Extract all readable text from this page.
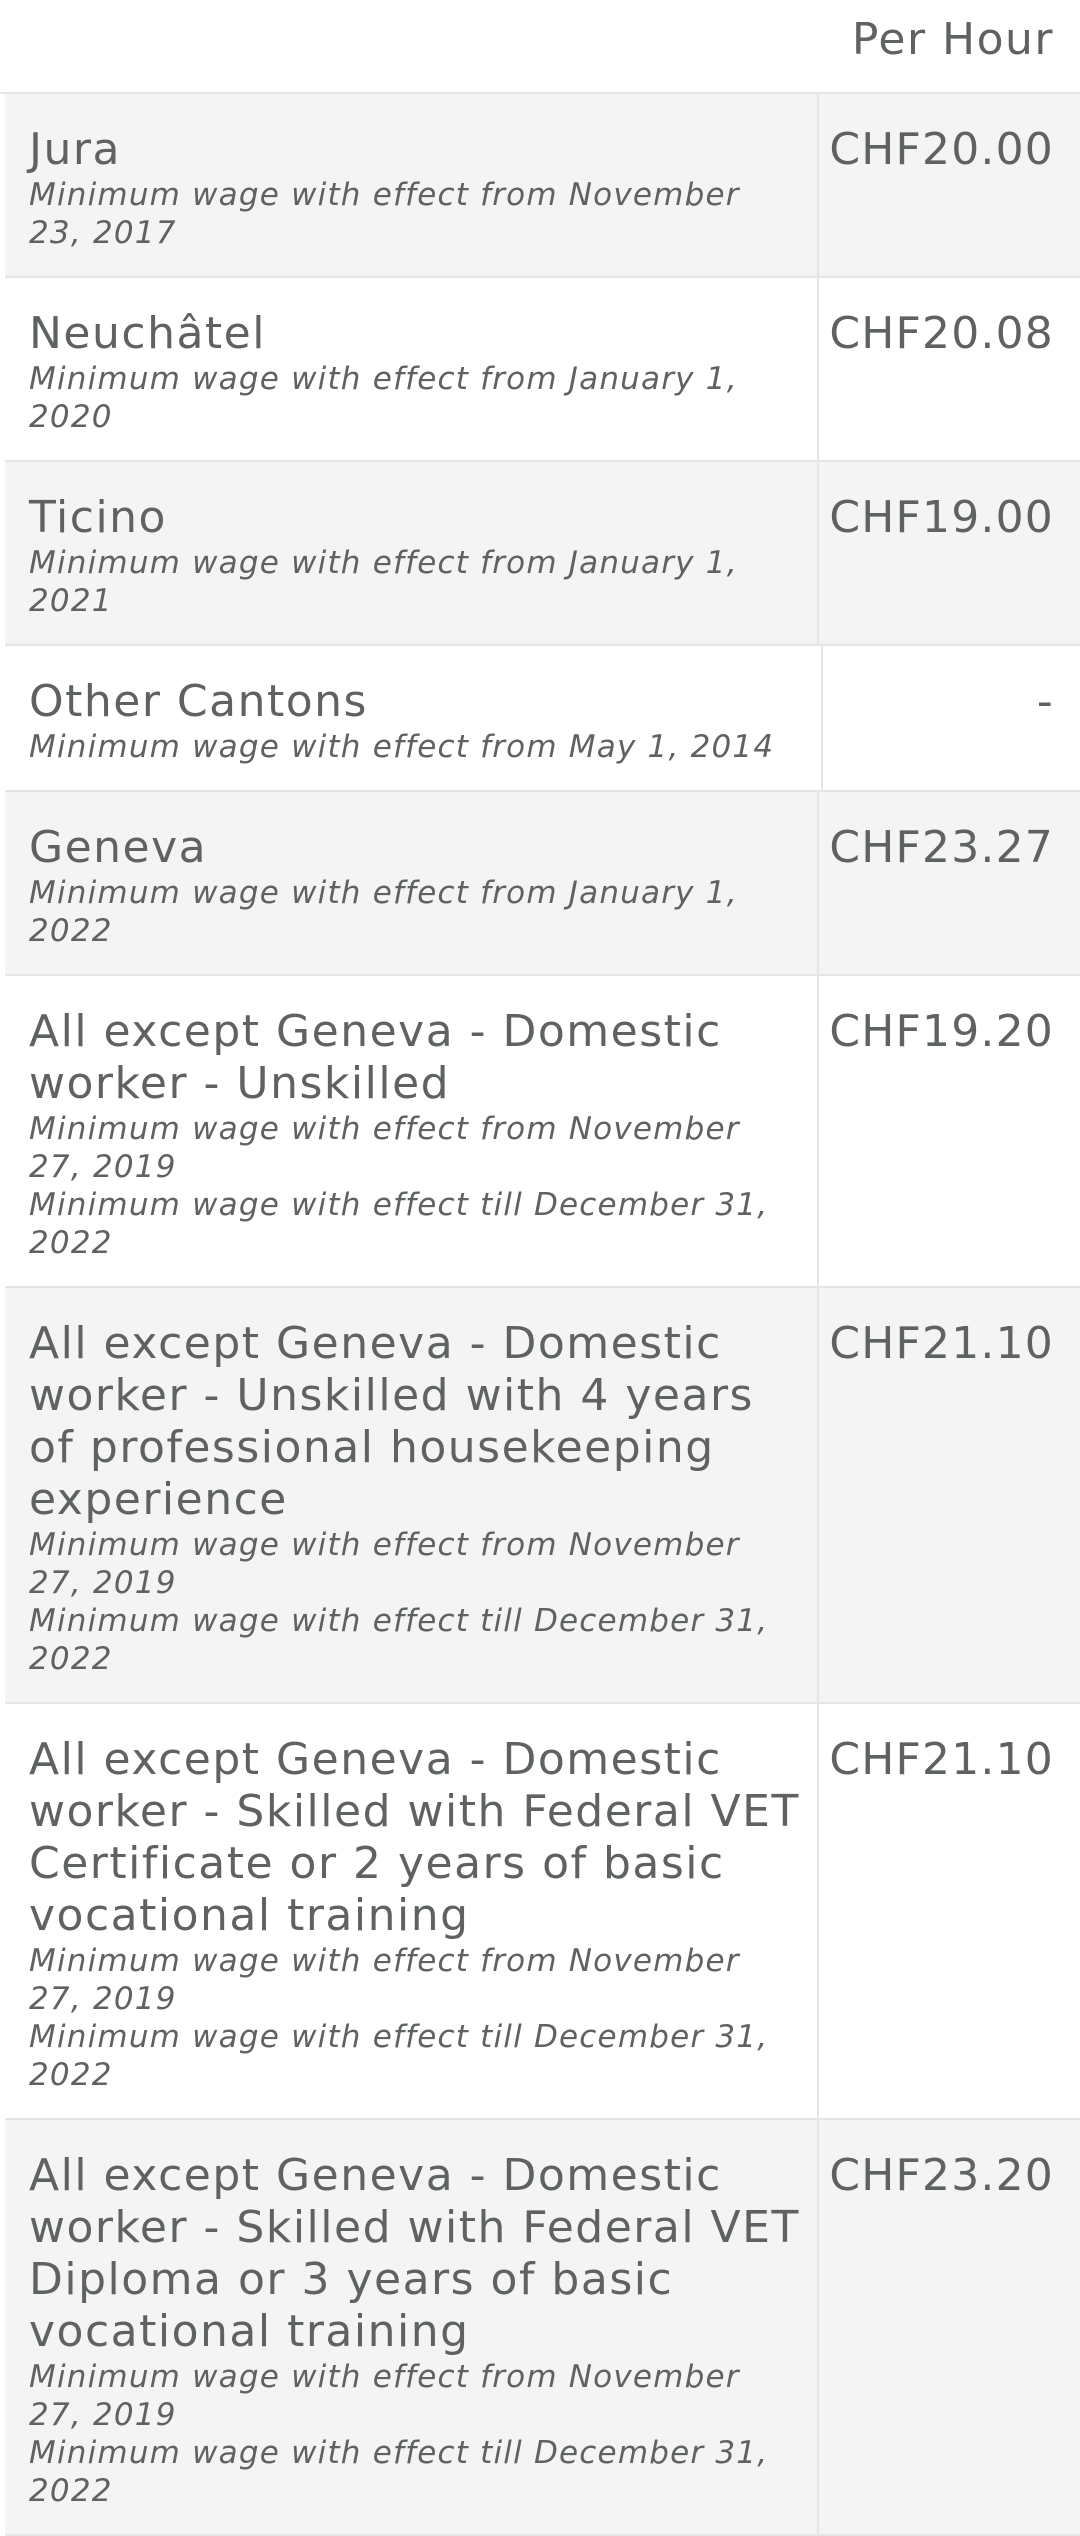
Per Hour
Jura
Minimum wage with effect from November 23, 2017
CHF20.00
Neuchâtel
Minimum wage with effect from January 1, 2020
CHF20.08
Ticino
Minimum wage with effect from January 1, 2021
CHF19.00
Other Cantons
Minimum wage with effect from May 1, 2014
-
Geneva
Minimum wage with effect from January 1, 2022
CHF23.27
All except Geneva - Domestic worker - Unskilled
Minimum wage with effect from November 27, 2019
Minimum wage with effect till December 31, 2022
CHF19.20
All except Geneva - Domestic worker - Unskilled with 4 years of professional housekeeping experience
Minimum wage with effect from November 27, 2019
Minimum wage with effect till December 31, 2022
CHF21.10
All except Geneva - Domestic worker - Skilled with Federal VET Certificate or 2 years of basic vocational training
Minimum wage with effect from November 27, 2019
Minimum wage with effect till December 31, 2022
CHF21.10
All except Geneva - Domestic worker - Skilled with Federal VET Diploma or 3 years of basic vocational training
Minimum wage with effect from November 27, 2019
Minimum wage with effect till December 31, 2022
CHF23.20
